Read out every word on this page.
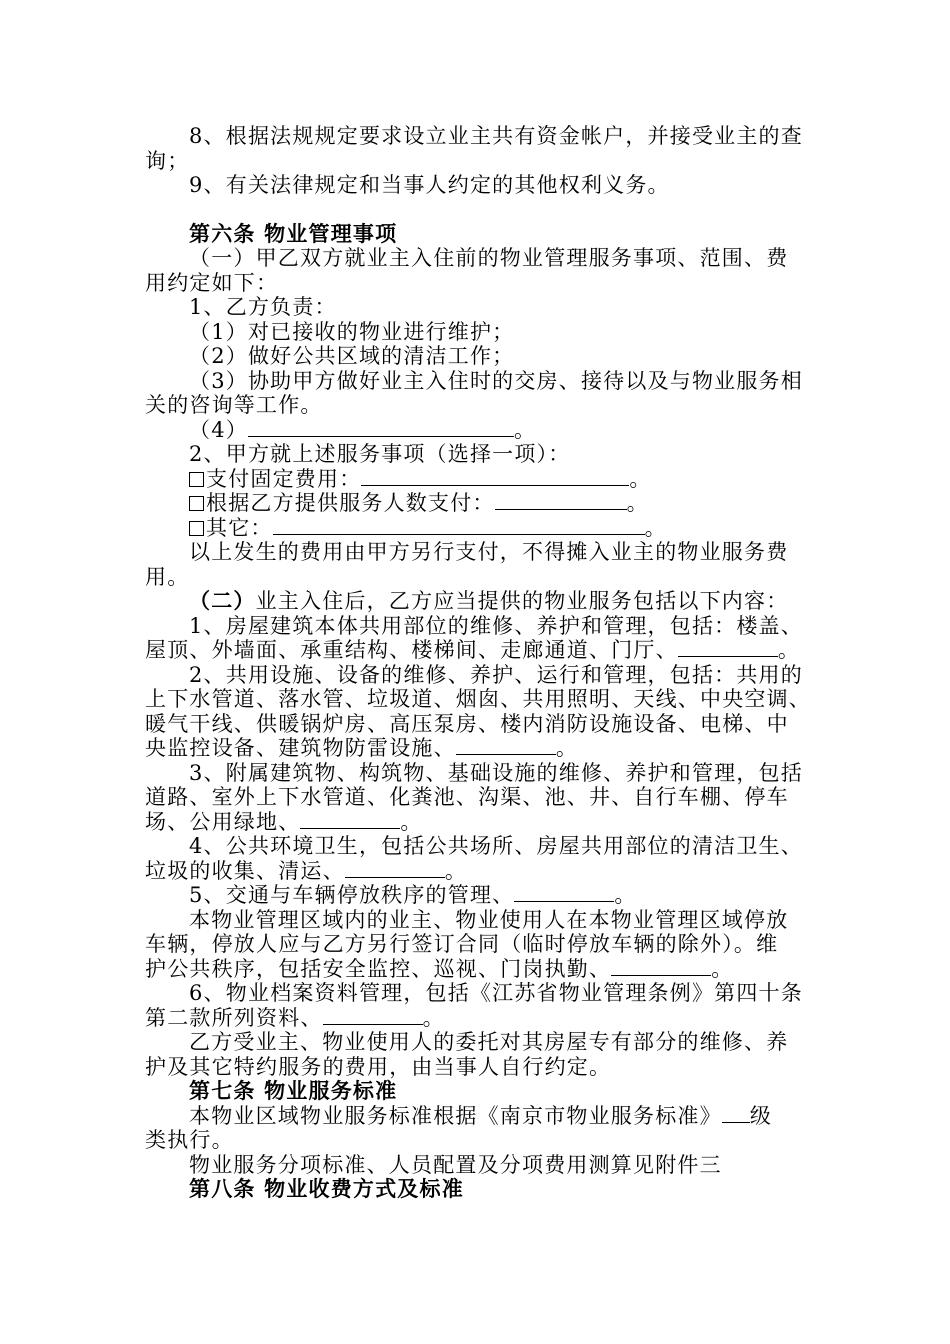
8、根据法规规定要求设立业主共有资金帐户，并接受业主的查

询；

9、有关法律规定和当事人约定的其他权利义务。

第六条 物业管理事项

（一）甲乙双方就业主入住前的物业管理服务事项、范围、费

用约定如下：

1、乙方负责：

（1）对已接收的物业进行维护；

（2）做好公共区域的清洁工作；

（3）协助甲方做好业主入住时的交房、接待以及与物业服务相

关的咨询等工作。

（4）	。

2、甲方就上述服务事项（选择一项）：

支付固定费用：	。

根据乙方提供服务人数支付：	。

其它：	。

以上发生的费用由甲方另行支付，不得摊入业主的物业服务费

用。

（二）业主入住后，乙方应当提供的物业服务包括以下内容：

1、房屋建筑本体共用部位的维修、养护和管理，包括：楼盖、

屋顶、外墙面、承重结构、楼梯间、走廊通道、门厅、	。

2、共用设施、设备的维修、养护、运行和管理，包括：共用的

上下水管道、落水管、垃圾道、烟囱、共用照明、天线、中央空调、

暖气干线、供暖锅炉房、高压泵房、楼内消防设施设备、电梯、中

央监控设备、建筑物防雷设施、	。

3、附属建筑物、构筑物、基础设施的维修、养护和管理，包括

道路、室外上下水管道、化粪池、沟渠、池、井、自行车棚、停车

场、公用绿地、	。

4、公共环境卫生，包括公共场所、房屋共用部位的清洁卫生、

垃圾的收集、清运、	。

5、交通与车辆停放秩序的管理、	。

本物业管理区域内的业主、物业使用人在本物业管理区域停放

车辆，停放人应与乙方另行签订合同（临时停放车辆的除外）。维

护公共秩序，包括安全监控、巡视、门岗执勤、	。

6、物业档案资料管理，包括《江苏省物业管理条例》第四十条

第二款所列资料、	。

乙方受业主、物业使用人的委托对其房屋专有部分的维修、养

护及其它特约服务的费用，由当事人自行约定。

第七条 物业服务标准

本物业区域物业服务标准根据《南京市物业服务标准》 级

类执行。

物业服务分项标准、人员配置及分项费用测算见附件三

第八条 物业收费方式及标准
